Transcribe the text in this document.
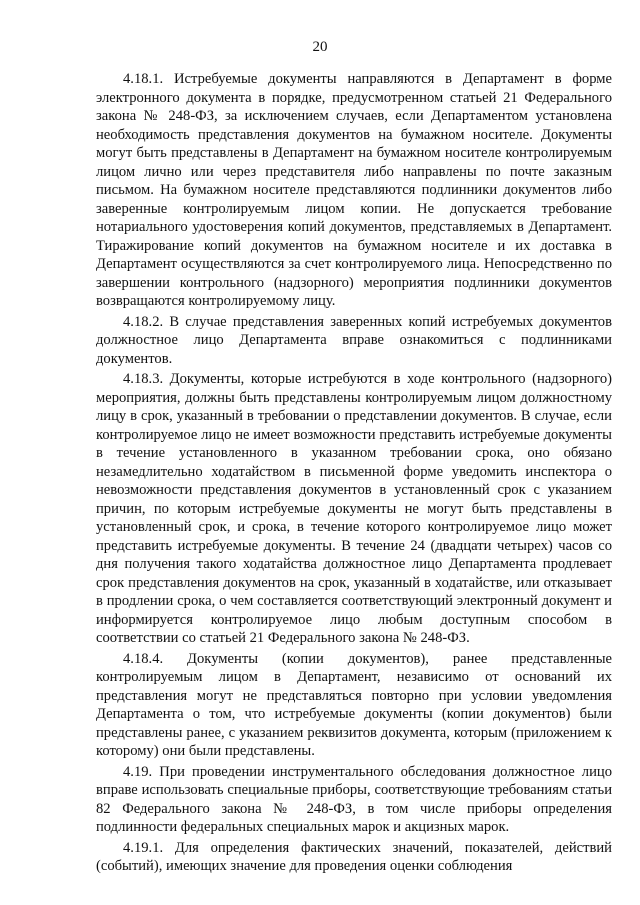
20

4.18.1. Истребуемые документы направляются в Департамент в форме электронного документа в порядке, предусмотренном статьей 21 Федерального закона № 248-ФЗ, за исключением случаев, если Департаментом установлена необходимость представления документов на бумажном носителе. Документы могут быть представлены в Департамент на бумажном носителе контролируемым лицом лично или через представителя либо направлены по почте заказным письмом. На бумажном носителе представляются подлинники документов либо заверенные контролируемым лицом копии. Не допускается требование нотариального удостоверения копий документов, представляемых в Департамент. Тиражирование копий документов на бумажном носителе и их доставка в Департамент осуществляются за счет контролируемого лица. Непосредственно по завершении контрольного (надзорного) мероприятия подлинники документов возвращаются контролируемому лицу.

4.18.2. В случае представления заверенных копий истребуемых документов должностное лицо Департамента вправе ознакомиться с подлинниками документов.

4.18.3. Документы, которые истребуются в ходе контрольного (надзорного) мероприятия, должны быть представлены контролируемым лицом должностному лицу в срок, указанный в требовании о представлении документов. В случае, если контролируемое лицо не имеет возможности представить истребуемые документы в течение установленного в указанном требовании срока, оно обязано незамедлительно ходатайством в письменной форме уведомить инспектора о невозможности представления документов в установленный срок с указанием причин, по которым истребуемые документы не могут быть представлены в установленный срок, и срока, в течение которого контролируемое лицо может представить истребуемые документы. В течение 24 (двадцати четырех) часов со дня получения такого ходатайства должностное лицо Департамента продлевает срок представления документов на срок, указанный в ходатайстве, или отказывает в продлении срока, о чем составляется соответствующий электронный документ и информируется контролируемое лицо любым доступным способом в соответствии со статьей 21 Федерального закона № 248-ФЗ.

4.18.4. Документы (копии документов), ранее представленные контролируемым лицом в Департамент, независимо от оснований их представления могут не представляться повторно при условии уведомления Департамента о том, что истребуемые документы (копии документов) были представлены ранее, с указанием реквизитов документа, которым (приложением к которому) они были представлены.

4.19. При проведении инструментального обследования должностное лицо вправе использовать специальные приборы, соответствующие требованиям статьи 82 Федерального закона № 248-ФЗ, в том числе приборы определения подлинности федеральных специальных марок и акцизных марок.

4.19.1. Для определения фактических значений, показателей, действий (событий), имеющих значение для проведения оценки соблюдения
